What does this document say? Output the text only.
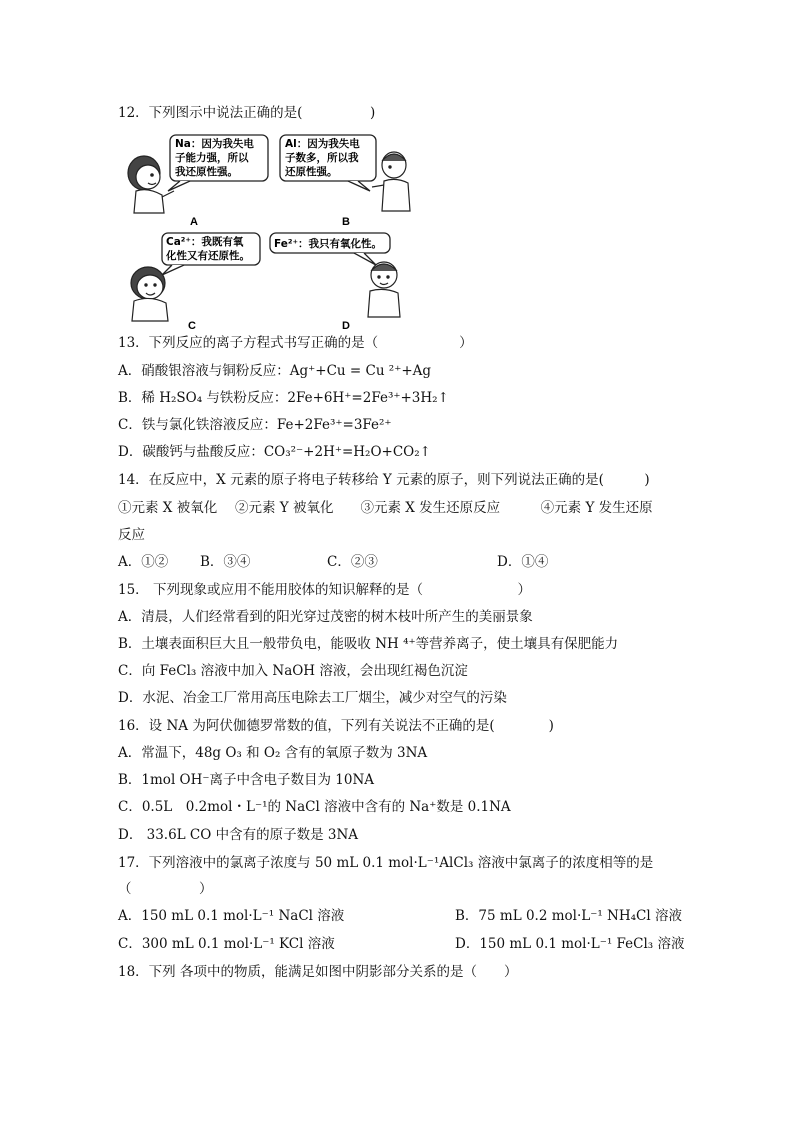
12．下列图示中说法正确的是(　　　　　)
Na：因为我失电
子能力强，所以
我还原性强。
A
Al：因为我失电
子数多，所以我
还原性强。
B
Ca²⁺：我既有氧
化性又有还原性。
C
Fe²⁺：我只有氧化性。
D
13．下列反应的离子方程式书写正确的是（　　　　　　）
A．硝酸银溶液与铜粉反应：Ag⁺+Cu = Cu ²⁺+Ag
B．稀 H₂SO₄ 与铁粉反应：2Fe+6H⁺=2Fe³⁺+3H₂↑
C．铁与氯化铁溶液反应：Fe+2Fe³⁺=3Fe²⁺
D．碳酸钙与盐酸反应：CO₃²⁻+2H⁺=H₂O+CO₂↑
14．在反应中，X 元素的原子将电子转移给 Y 元素的原子，则下列说法正确的是(　　　)
①元素 X 被氧化　 ②元素 Y 被氧化　　③元素 X 发生还原反应　　　④元素 Y 发生还原
反应
A．①② B．③④	C．②③	D．①④
15． 下列现象或应用不能用胶体的知识解释的是（　　　　　　　）
A．清晨，人们经常看到的阳光穿过茂密的树木枝叶所产生的美丽景象
B．土壤表面积巨大且一般带负电，能吸收 NH ⁴⁺等营养离子，使土壤具有保肥能力
C．向 FeCl₃ 溶液中加入 NaOH 溶液，会出现红褐色沉淀
D．水泥、冶金工厂常用高压电除去工厂烟尘，减少对空气的污染
16．设 NA 为阿伏伽德罗常数的值，下列有关说法不正确的是(　　　　)
A．常温下，48g O₃ 和 O₂ 含有的氧原子数为 3NA
B．1mol OH⁻离子中含电子数目为 10NA
C．0.5L　0.2mol・L⁻¹的 NaCl 溶液中含有的 Na⁺数是 0.1NA
D． 33.6L CO 中含有的原子数是 3NA
17．下列溶液中的氯离子浓度与 50 mL 0.1 mol·L⁻¹AlCl₃ 溶液中氯离子的浓度相等的是
（　　　　　）
A．150 mL 0.1 mol·L⁻¹ NaCl 溶液	B．75 mL 0.2 mol·L⁻¹ NH₄Cl 溶液
C．300 mL 0.1 mol·L⁻¹ KCl 溶液	D．150 mL 0.1 mol·L⁻¹ FeCl₃ 溶液
18．下列 各项中的物质，能满足如图中阴影部分关系的是（　　）
